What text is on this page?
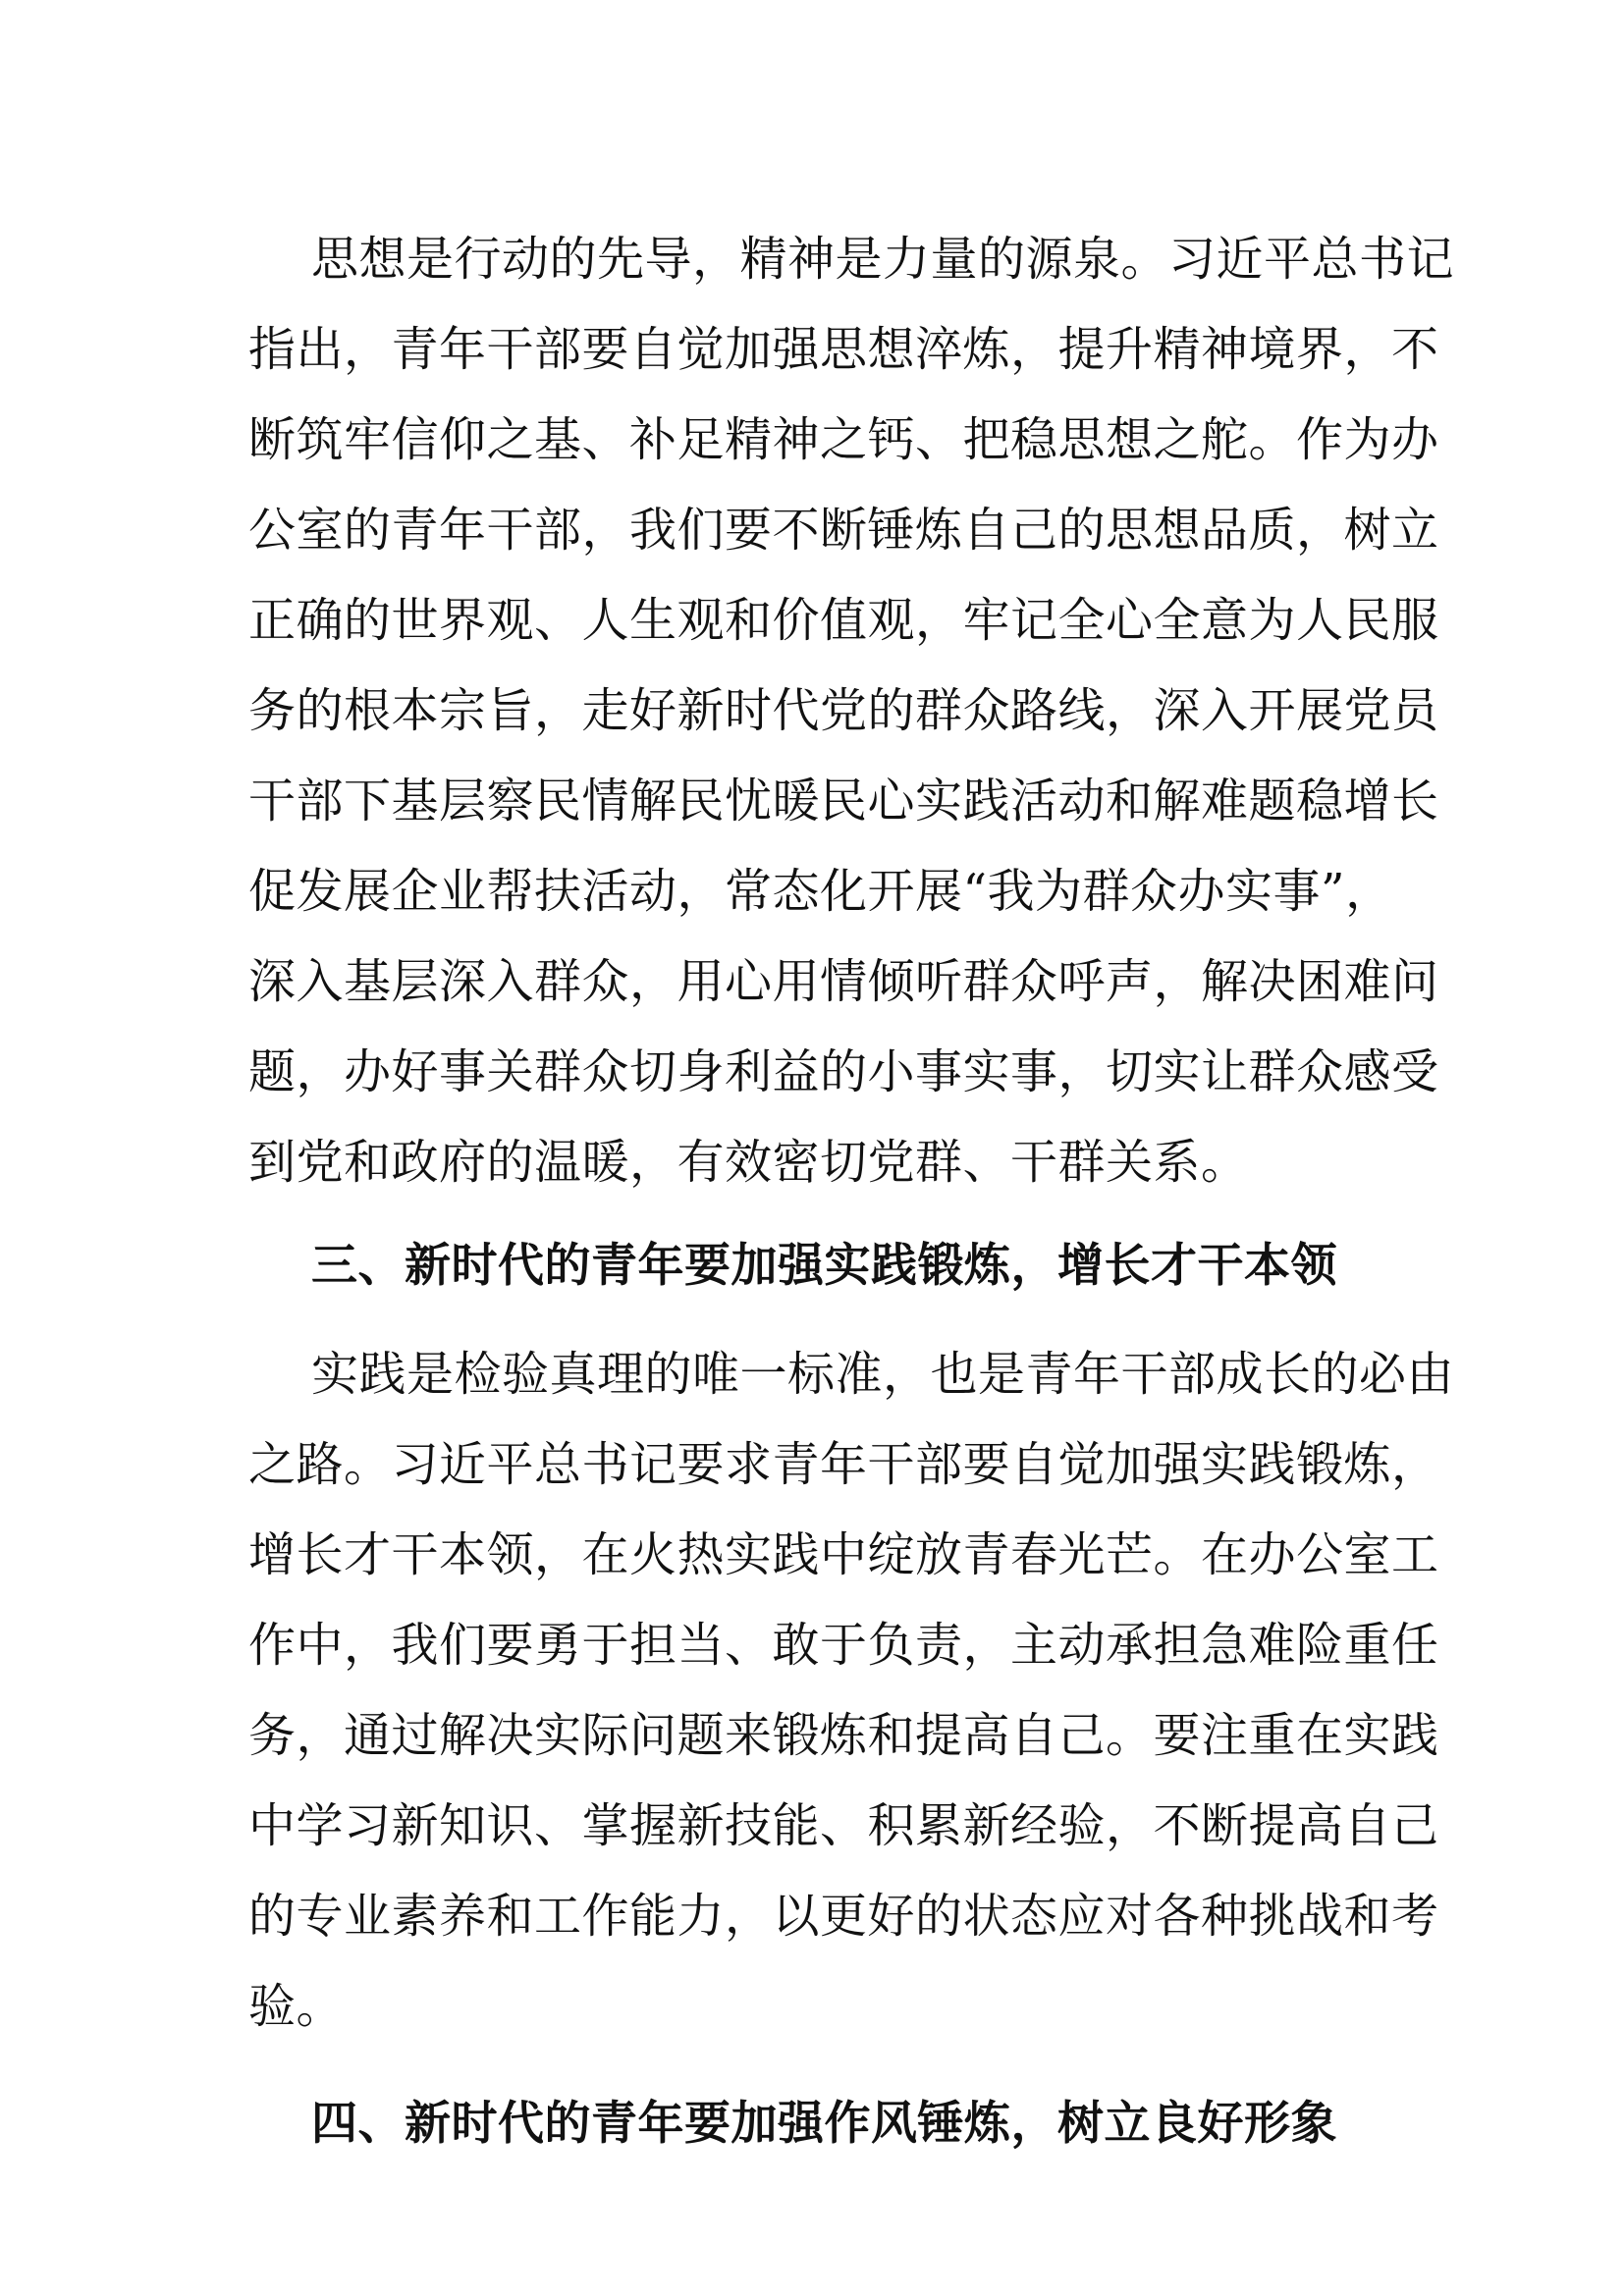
思想是行动的先导，精神是力量的源泉。习近平总书记
指出，青年干部要自觉加强思想淬炼，提升精神境界，不
断筑牢信仰之基、补足精神之钙、把稳思想之舵。作为办
公室的青年干部，我们要不断锤炼自己的思想品质，树立
正确的世界观、人生观和价值观，牢记全心全意为人民服
务的根本宗旨，走好新时代党的群众路线，深入开展党员
干部下基层察民情解民忧暖民心实践活动和解难题稳增长
促发展企业帮扶活动，常态化开展“我为群众办实事”，
深入基层深入群众，用心用情倾听群众呼声，解决困难问
题，办好事关群众切身利益的小事实事，切实让群众感受
到党和政府的温暖，有效密切党群、干群关系。
三、新时代的青年要加强实践锻炼，增长才干本领
实践是检验真理的唯一标准，也是青年干部成长的必由
之路。习近平总书记要求青年干部要自觉加强实践锻炼，
增长才干本领，在火热实践中绽放青春光芒。在办公室工
作中，我们要勇于担当、敢于负责，主动承担急难险重任
务，通过解决实际问题来锻炼和提高自己。要注重在实践
中学习新知识、掌握新技能、积累新经验，不断提高自己
的专业素养和工作能力，以更好的状态应对各种挑战和考
验。
四、新时代的青年要加强作风锤炼，树立良好形象
